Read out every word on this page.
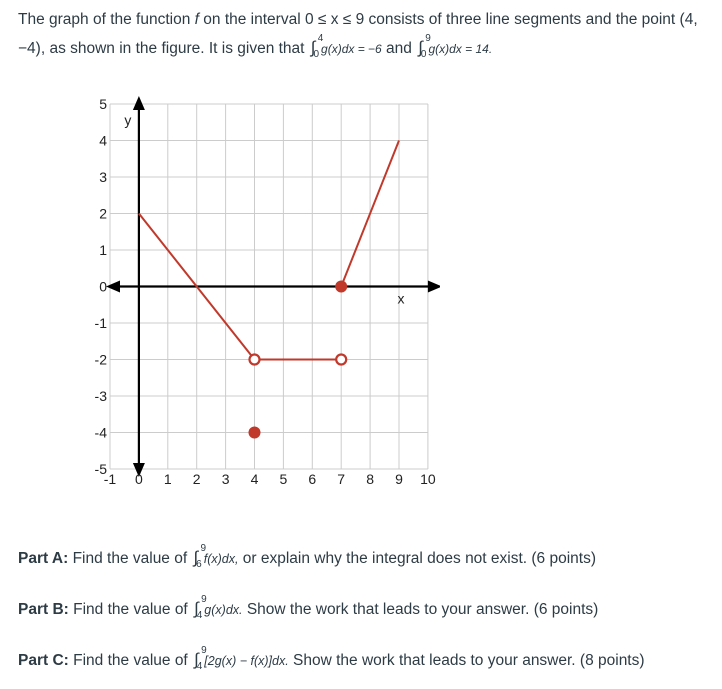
The graph of the function f on the interval 0 ≤ x ≤ 9 consists of three line segments and the point (4,
−4), as shown in the figure. It is given that ∫ 4
0 g(x)dx = −6 and ∫ 9
0 g(x)dx = 14.
x
y
-1 0 1 2 3 4 5 6 7 8 9 10
5
4
3
2
1
0
-1
-2
-3
-4
-5
Part A: Find the value of ∫ 9
6 f(x)dx, or explain why the integral does not exist. (6 points)
Part B: Find the value of ∫ 9
4 g(x)dx. Show the work that leads to your answer. (6 points)
Part C: Find the value of ∫ 9
4 [2g(x) − f(x)]dx. Show the work that leads to your answer. (8 points)
